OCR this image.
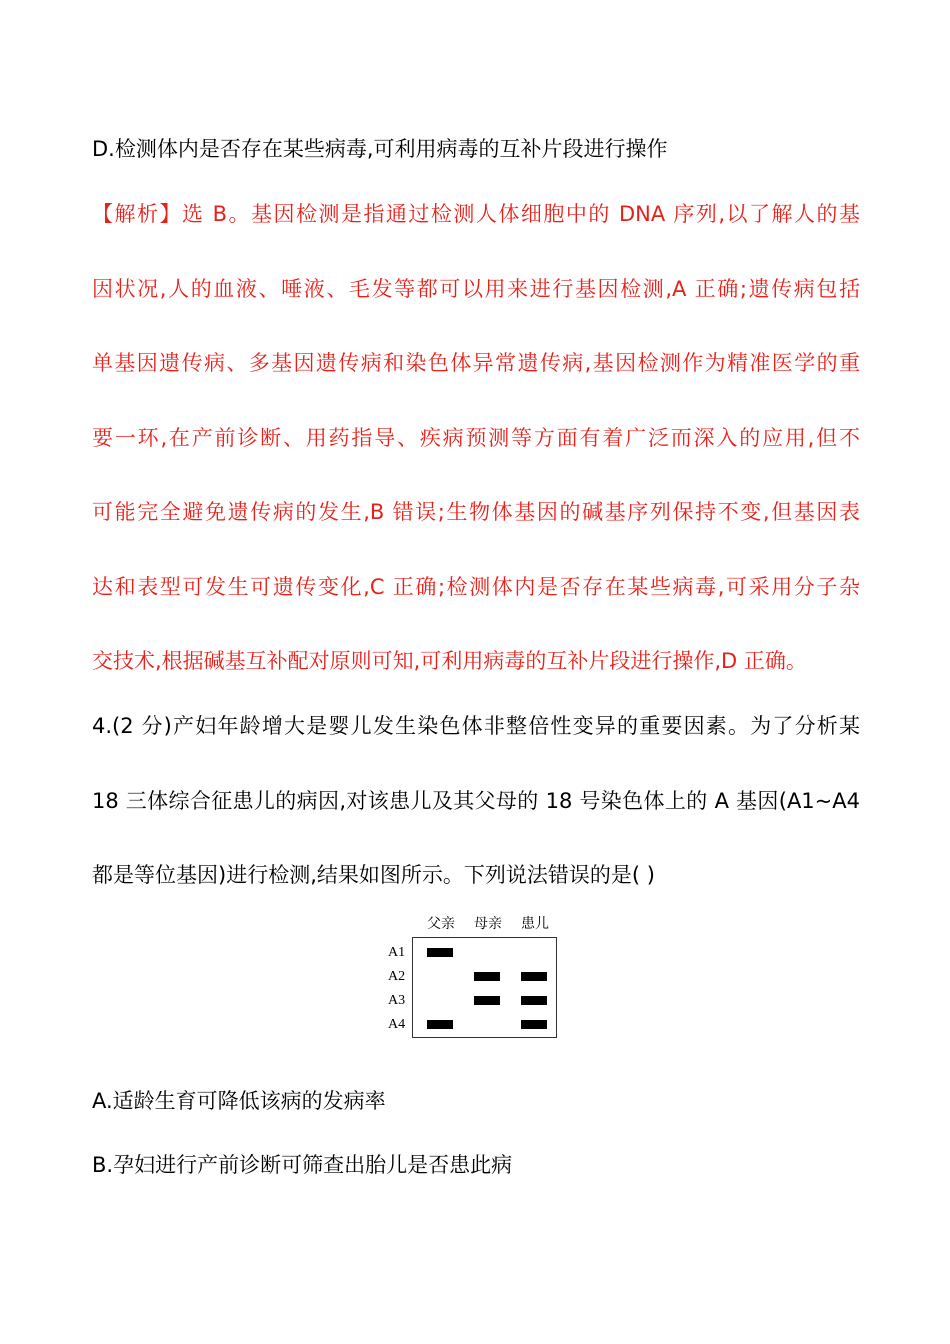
D.检测体内是否存在某些病毒,可利用病毒的互补片段进行操作
【解析】选 B。基因检测是指通过检测人体细胞中的 DNA 序列,以了解人的基
因状况,人的血液、唾液、毛发等都可以用来进行基因检测,A 正确;遗传病包括
单基因遗传病、多基因遗传病和染色体异常遗传病,基因检测作为精准医学的重
要一环,在产前诊断、用药指导、疾病预测等方面有着广泛而深入的应用,但不
可能完全避免遗传病的发生,B 错误;生物体基因的碱基序列保持不变,但基因表
达和表型可发生可遗传变化,C 正确;检测体内是否存在某些病毒,可采用分子杂
交技术,根据碱基互补配对原则可知,可利用病毒的互补片段进行操作,D 正确。
4.(2 分)产妇年龄增大是婴儿发生染色体非整倍性变异的重要因素。为了分析某
18 三体综合征患儿的病因,对该患儿及其父母的 18 号染色体上的 A 基因(A1~A4
都是等位基因)进行检测,结果如图所示。下列说法错误的是( )
父亲 母亲 患儿
A1
A2
A3
A4
A.适龄生育可降低该病的发病率
B.孕妇进行产前诊断可筛查出胎儿是否患此病
